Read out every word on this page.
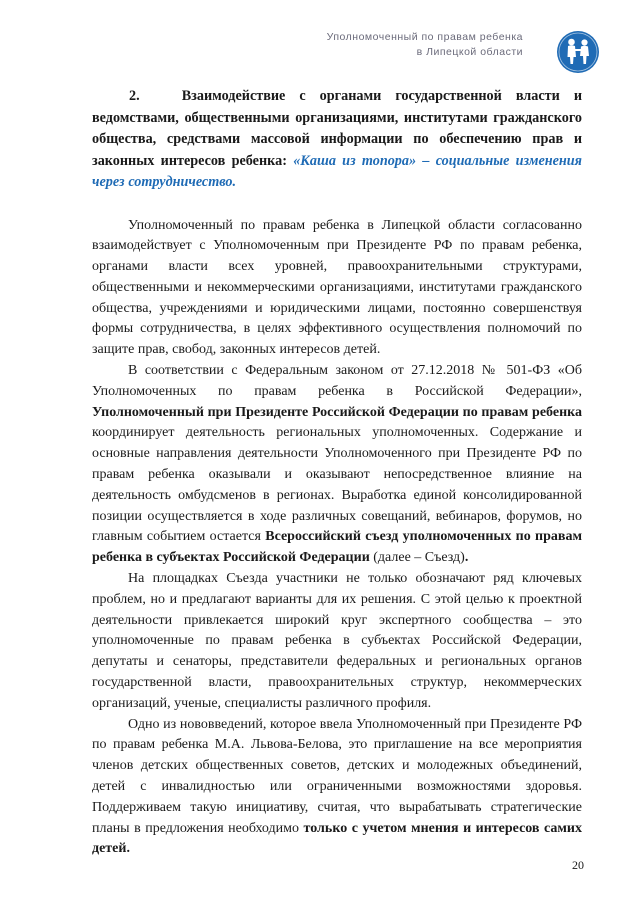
Уполномоченный по правам ребенка
в Липецкой области

2.	Взаимодействие с органами государственной власти и ведомствами, общественными организациями, институтами гражданского общества, средствами массовой информации по обеспечению прав и законных интересов ребенка: «Каша из топора» – социальные изменения через сотрудничество.

Уполномоченный по правам ребенка в Липецкой области согласованно взаимодействует с Уполномоченным при Президенте РФ по правам ребенка, органами власти всех уровней, правоохранительными структурами, общественными и некоммерческими организациями, институтами гражданского общества, учреждениями и юридическими лицами, постоянно совершенствуя формы сотрудничества, в целях эффективного осуществления полномочий по защите прав, свобод, законных интересов детей.

В соответствии с Федеральным законом от 27.12.2018 № 501-ФЗ «Об Уполномоченных по правам ребенка в Российской Федерации», Уполномоченный при Президенте Российской Федерации по правам ребенка координирует деятельность региональных уполномоченных. Содержание и основные направления деятельности Уполномоченного при Президенте РФ по правам ребенка оказывали и оказывают непосредственное влияние на деятельность омбудсменов в регионах. Выработка единой консолидированной позиции осуществляется в ходе различных совещаний, вебинаров, форумов, но главным событием остается Всероссийский съезд уполномоченных по правам ребенка в субъектах Российской Федерации (далее – Съезд).

На площадках Съезда участники не только обозначают ряд ключевых проблем, но и предлагают варианты для их решения. С этой целью к проектной деятельности привлекается широкий круг экспертного сообщества – это уполномоченные по правам ребенка в субъектах Российской Федерации, депутаты и сенаторы, представители федеральных и региональных органов государственной власти, правоохранительных структур, некоммерческих организаций, ученые, специалисты различного профиля.

Одно из нововведений, которое ввела Уполномоченный при Президенте РФ по правам ребенка М.А. Львова-Белова, это приглашение на все мероприятия членов детских общественных советов, детских и молодежных объединений, детей с инвалидностью или ограниченными возможностями здоровья. Поддерживаем такую инициативу, считая, что вырабатывать стратегические планы в предложения необходимо только с учетом мнения и интересов самих детей.

20
